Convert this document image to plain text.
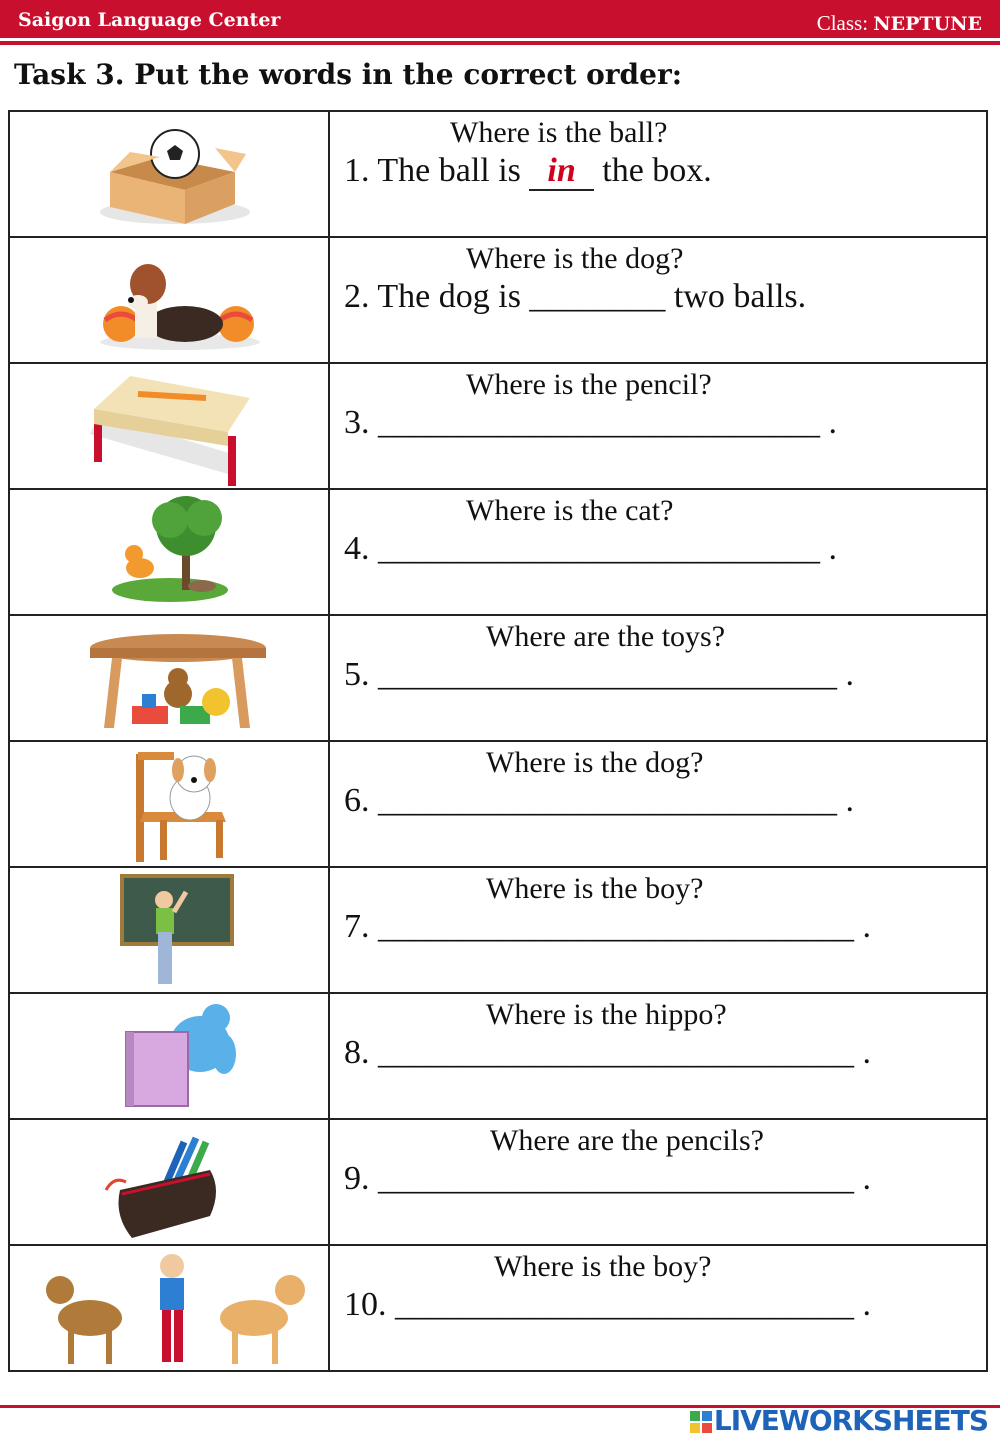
Saigon Language Center	Class: NEPTUNE
Task 3. Put the words in the correct order:

Where is the ball?
1. The ball is in the box.

Where is the dog?
2. The dog is ________ two balls.

Where is the pencil?
3. __________________________ .

Where is the cat?
4. __________________________ .

Where are the toys?
5. ___________________________ .

Where is the dog?
6. ___________________________ .

Where is the boy?
7. ____________________________ .

Where is the hippo?
8. ____________________________ .

Where are the pencils?
9. ____________________________ .

Where is the boy?
10. ___________________________ .
LIVEWORKSHEETS
